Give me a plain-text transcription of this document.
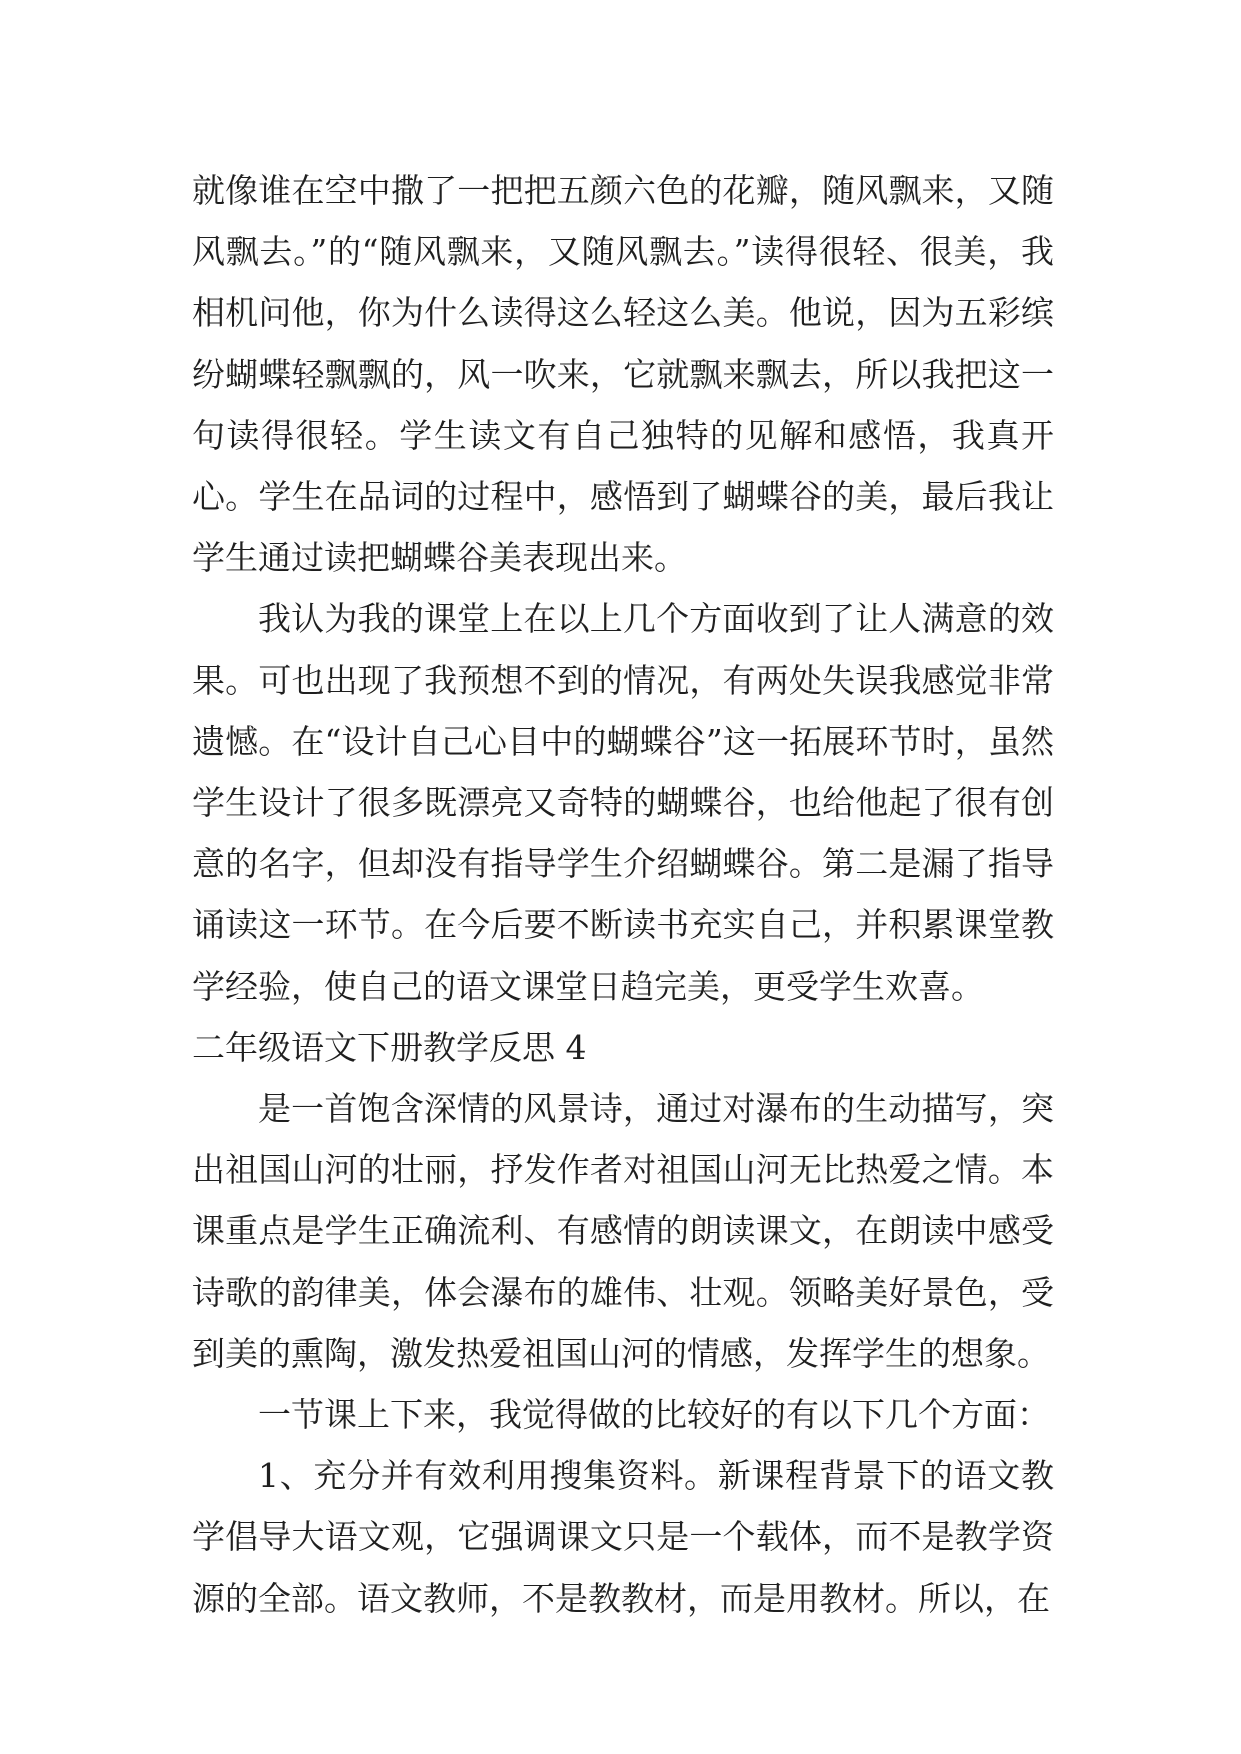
就像谁在空中撒了一把把五颜六色的花瓣，随风飘来，又随风飘去。”的“随风飘来，又随风飘去。”读得很轻、很美，我相机问他，你为什么读得这么轻这么美。他说，因为五彩缤纷蝴蝶轻飘飘的，风一吹来，它就飘来飘去，所以我把这一句读得很轻。学生读文有自己独特的见解和感悟，我真开心。学生在品词的过程中，感悟到了蝴蝶谷的美，最后我让学生通过读把蝴蝶谷美表现出来。

我认为我的课堂上在以上几个方面收到了让人满意的效果。可也出现了我预想不到的情况，有两处失误我感觉非常遗憾。在“设计自己心目中的蝴蝶谷”这一拓展环节时，虽然学生设计了很多既漂亮又奇特的蝴蝶谷，也给他起了很有创意的名字，但却没有指导学生介绍蝴蝶谷。第二是漏了指导诵读这一环节。在今后要不断读书充实自己，并积累课堂教学经验，使自己的语文课堂日趋完美，更受学生欢喜。

二年级语文下册教学反思 4

是一首饱含深情的风景诗，通过对瀑布的生动描写，突出祖国山河的壮丽，抒发作者对祖国山河无比热爱之情。本课重点是学生正确流利、有感情的朗读课文，在朗读中感受诗歌的韵律美，体会瀑布的雄伟、壮观。领略美好景色，受到美的熏陶，激发热爱祖国山河的情感，发挥学生的想象。

一节课上下来，我觉得做的比较好的有以下几个方面：

1、充分并有效利用搜集资料。新课程背景下的语文教学倡导大语文观，它强调课文只是一个载体，而不是教学资源的全部。语文教师，不是教教材，而是用教材。所以，在
